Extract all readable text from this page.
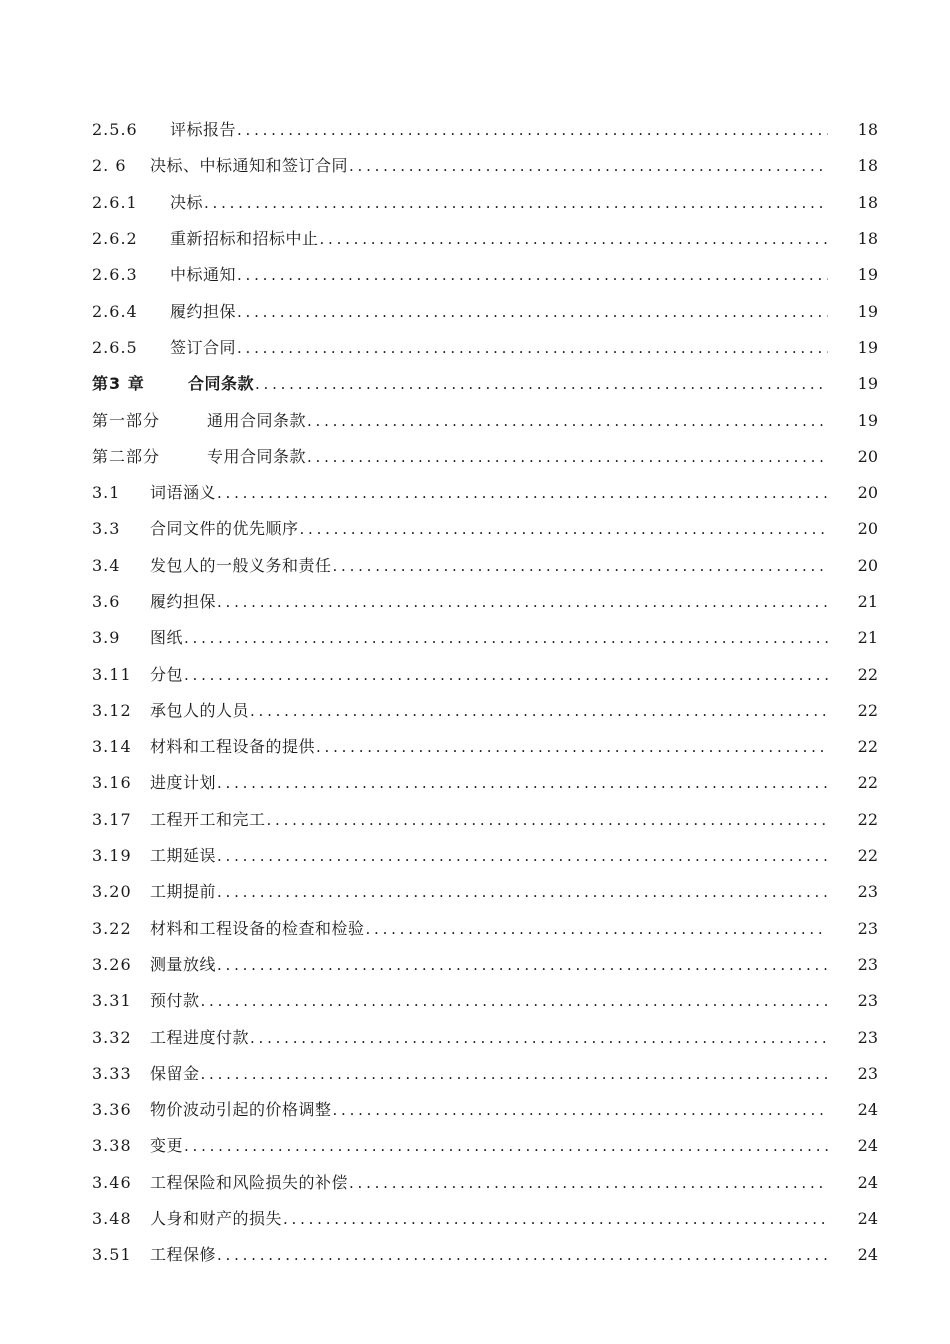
2.5.6	评标报告 . . .	18
2. 6	决标、中标通知和签订合同 . . .	18
2.6.1	决标 . . .	18
2.6.2	重新招标和招标中止 . . .	18
2.6.3	中标通知 . . .	19
2.6.4	履约担保 . . .	19
2.6.5	签订合同 . . .	19
第3 章	合同条款 . . .	19
第一部分	通用合同条款 . . .	19
第二部分	专用合同条款 . . .	20
3.1	词语涵义 . . .	20
3.3	合同文件的优先顺序 . . .	20
3.4	发包人的一般义务和责任 . . .	20
3.6	履约担保 . . .	21
3.9	图纸 . . .	21
3.11	分包 . . .	22
3.12	承包人的人员 . . .	22
3.14	材料和工程设备的提供 . . .	22
3.16	进度计划 . . .	22
3.17	工程开工和完工 . . .	22
3.19	工期延误 . . .	22
3.20	工期提前 . . .	23
3.22	材料和工程设备的检查和检验 . . .	23
3.26	测量放线 . . .	23
3.31	预付款 . . .	23
3.32	工程进度付款 . . .	23
3.33	保留金 . . .	23
3.36	物价波动引起的价格调整 . . .	24
3.38	变更 . . .	24
3.46	工程保险和风险损失的补偿 . . .	24
3.48	人身和财产的损失 . . .	24
3.51	工程保修 . . .	24
